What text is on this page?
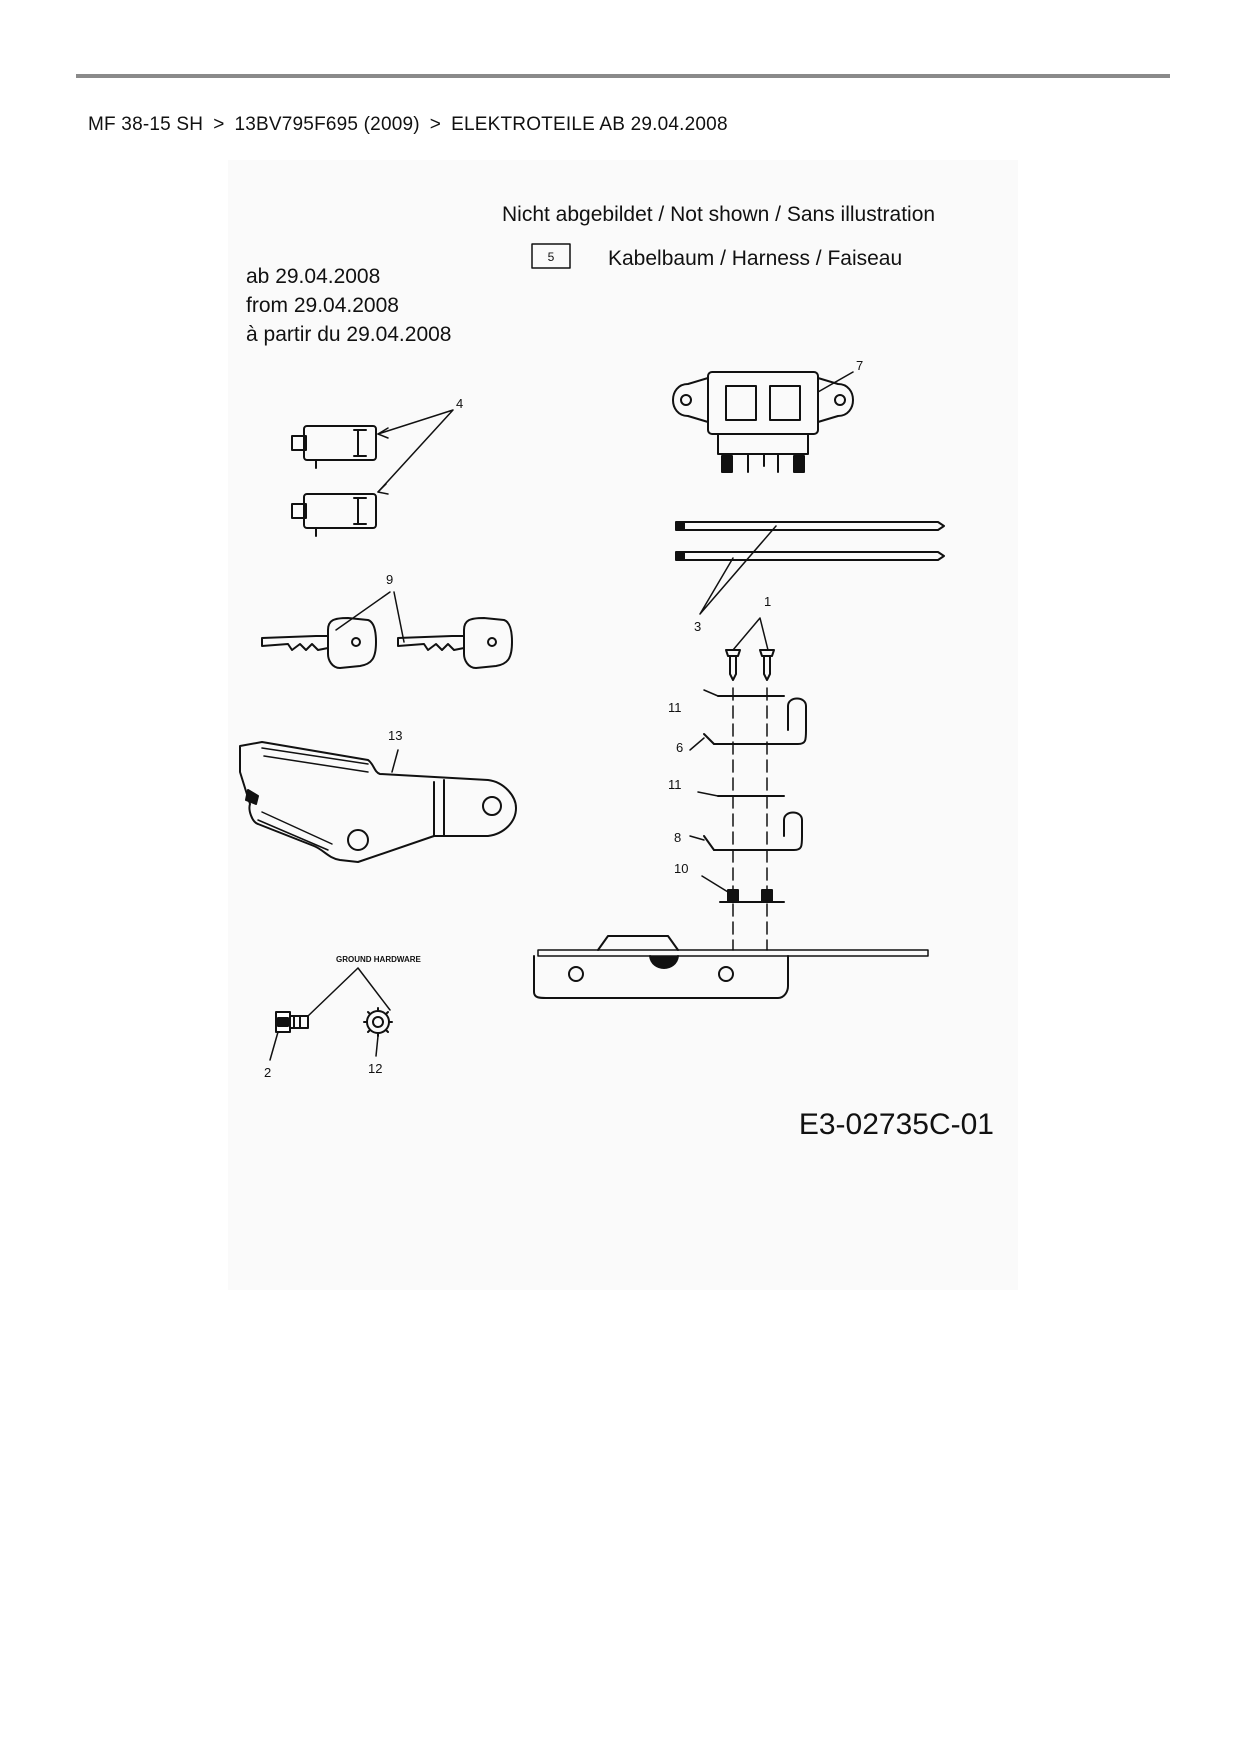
MF 38-15 SH > 13BV795F695 (2009) > ELEKTROTEILE AB 29.04.2008
Nicht abgebildet / Not shown / Sans illustration
5	Kabelbaum / Harness / Faiseau
ab 29.04.2008
from 29.04.2008
à partir du 29.04.2008
7
4
3
9
1
11
6
11
8
10
13
GROUND HARDWARE
2	12
E3-02735C-01
